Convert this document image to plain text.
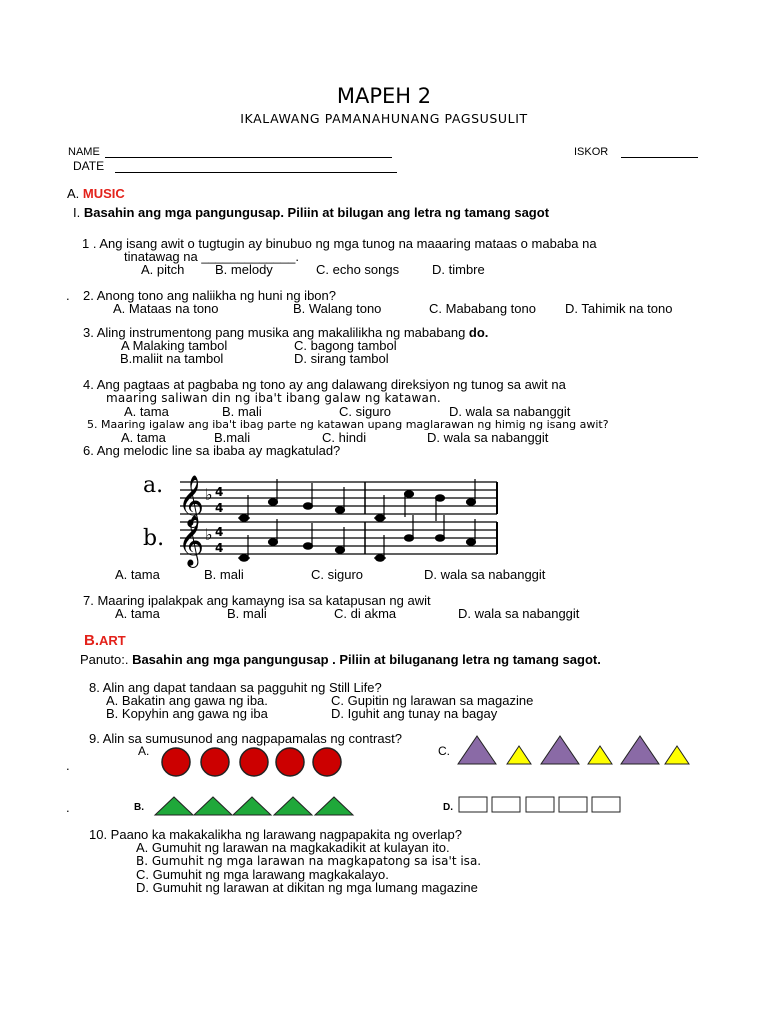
MAPEH 2
IKALAWANG PAMANAHUNANG PAGSUSULIT
NAME
DATE
ISKOR
A. MUSIC
I. Basahin ang mga pangungusap. Piliin at bilugan ang letra ng tamang sagot
1 . Ang isang awit o tugtugin ay binubuo ng mga tunog na maaaring mataas o mababa na
tinatawag na _____________.
A. pitch B. melody	C. echo songs	D. timbre
. 2. Anong tono ang naliikha ng huni ng ibon?
A. Mataas na tono	B. Walang tono	C. Mababang tono D. Tahimik na tono
3. Aling instrumentong pang musika ang makalilikha ng mababang do.
A Malaking tambol	C. bagong tambol
B.maliit na tambol	D. sirang tambol
4. Ang pagtaas at pagbaba ng tono ay ang dalawang direksiyon ng tunog sa awit na
maaring saliwan din ng iba't ibang galaw ng katawan.
A. tama	B. mali	C. siguro	D. wala sa nabanggit
5. Maaring igalaw ang iba't ibag parte ng katawan upang maglarawan ng himig ng isang awit?
A. tama	B.mali	C. hindi	D. wala sa nabanggit
6. Ang melodic line sa ibaba ay magkatulad?
a.
b.
𝄞 ♭ 4
4
𝄞 ♭ 4
4
A. tama	B. mali	C. siguro	D. wala sa nabanggit
7. Maaring ipalakpak ang kamayng isa sa katapusan ng awit
A. tama	B. mali	C. di akma	D. wala sa nabanggit
B.ART
Panuto:. Basahin ang mga pangungusap . Piliin at biluganang letra ng tamang sagot.
8. Alin ang dapat tandaan sa pagguhit ng Still Life?
A. Bakatin ang gawa ng iba.	C. Gupitin ng larawan sa magazine
B. Kopyhin ang gawa ng iba	D. Iguhit ang tunay na bagay
9. Alin sa sumusunod ang nagpapamalas ng contrast?
A.	C.
.
B.	D.
.
10. Paano ka makakalikha ng larawang nagpapakita ng overlap?
A. Gumuhit ng larawan na magkakadikit at kulayan ito.
B. Gumuhit ng mga larawan na magkapatong sa isa't isa.
C. Gumuhit ng mga larawang magkakalayo.
D. Gumuhit ng larawan at dikitan ng mga lumang magazine
